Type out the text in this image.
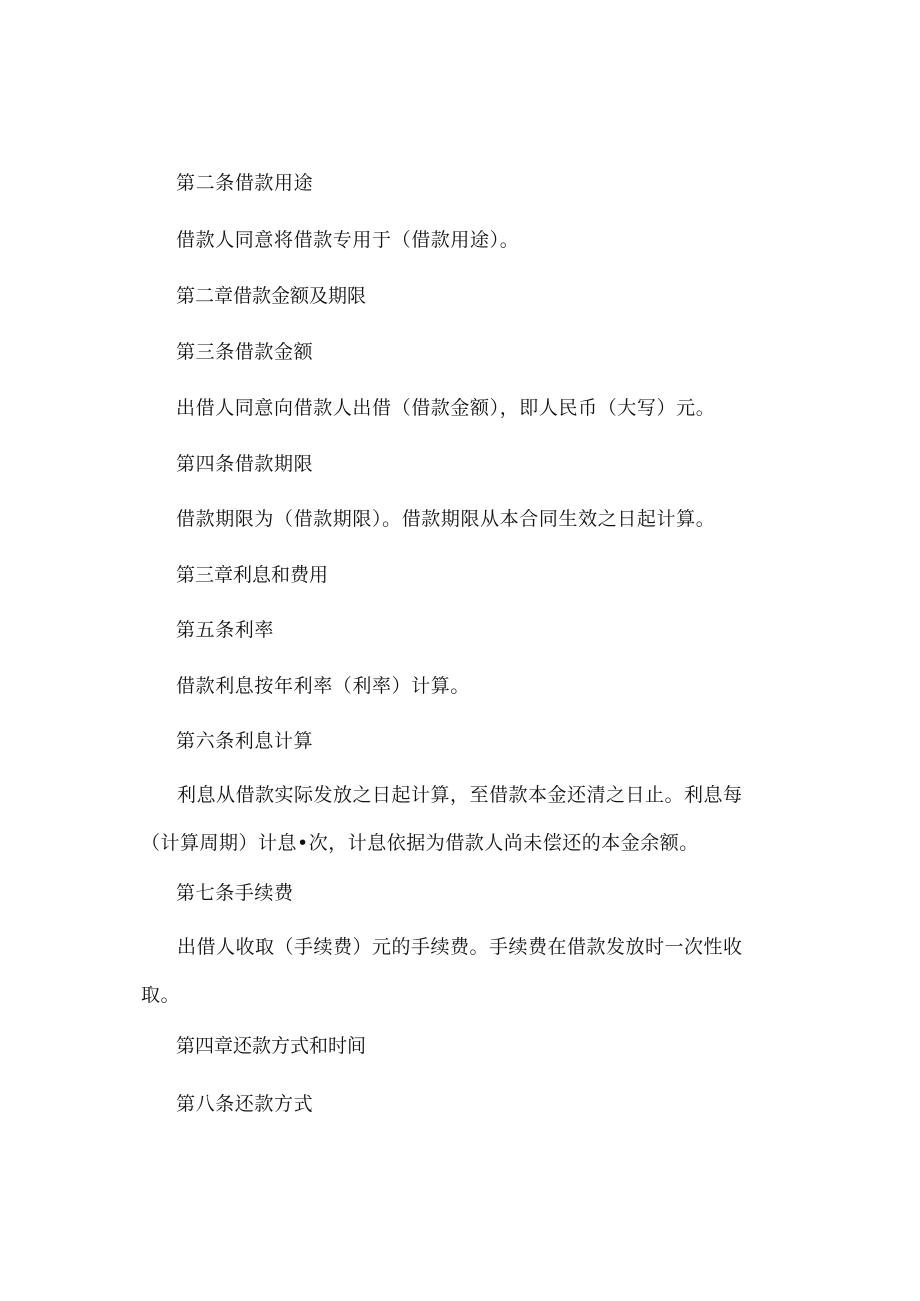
第二条借款用途
借款人同意将借款专用于（借款用途）。
第二章借款金额及期限
第三条借款金额
出借人同意向借款人出借（借款金额），即人民币（大写）元。
第四条借款期限
借款期限为（借款期限）。借款期限从本合同生效之日起计算。
第三章利息和费用
第五条利率
借款利息按年利率（利率）计算。
第六条利息计算
利息从借款实际发放之日起计算，至借款本金还清之日止。利息每（计算周期）计息•次，计息依据为借款人尚未偿还的本金余额。
第七条手续费
出借人收取（手续费）元的手续费。手续费在借款发放时一次性收取。
第四章还款方式和时间
第八条还款方式
